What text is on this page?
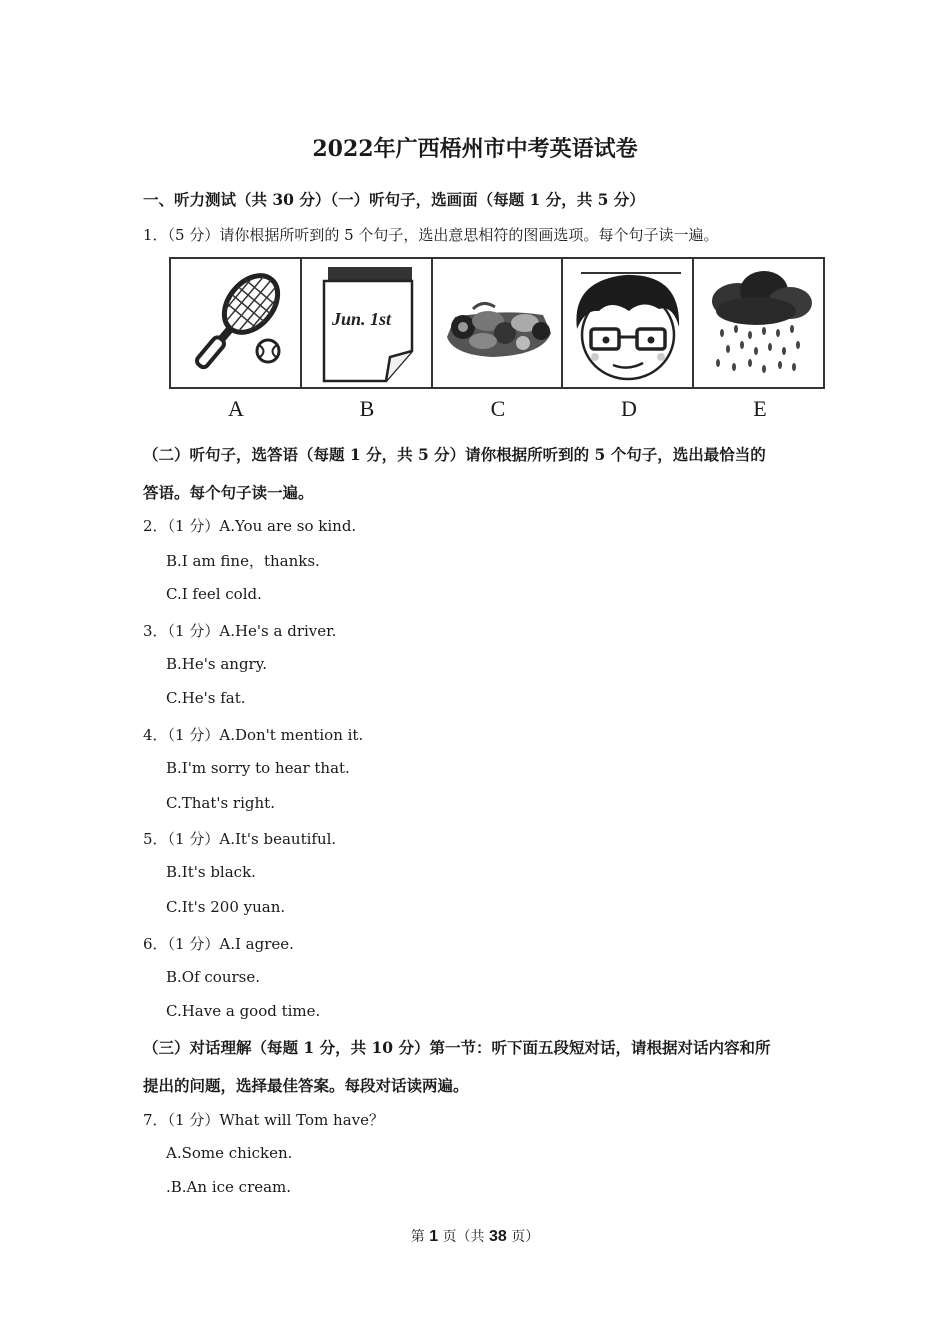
2022年广西梧州市中考英语试卷
一、听力测试（共 30 分）（一）听句子，选画面（每题 1 分，共 5 分）
1．（5 分）请你根据所听到的 5 个句子，选出意思相符的图画选项。每个句子读一遍。
Jun. 1st
A	B	C	D	E
（二）听句子，选答语（每题 1 分，共 5 分）请你根据所听到的 5 个句子，选出最恰当的
答语。每个句子读一遍。
2．（1 分）A.You are so kind.
B.I am fine，thanks.
C.I feel cold.
3．（1 分）A.He's a driver.
B.He's angry.
C.He's fat.
4．（1 分）A.Don't mention it.
B.I'm sorry to hear that.
C.That's right.
5．（1 分）A.It's beautiful.
B.It's black.
C.It's 200 yuan.
6．（1 分）A.I agree.
B.Of course.
C.Have a good time.
（三）对话理解（每题 1 分，共 10 分）第一节：听下面五段短对话，请根据对话内容和所
提出的问题，选择最佳答案。每段对话读两遍。
7．（1 分）What will Tom have？
A.Some chicken.
.B.An ice cream.
第 1 页（共 38 页）
